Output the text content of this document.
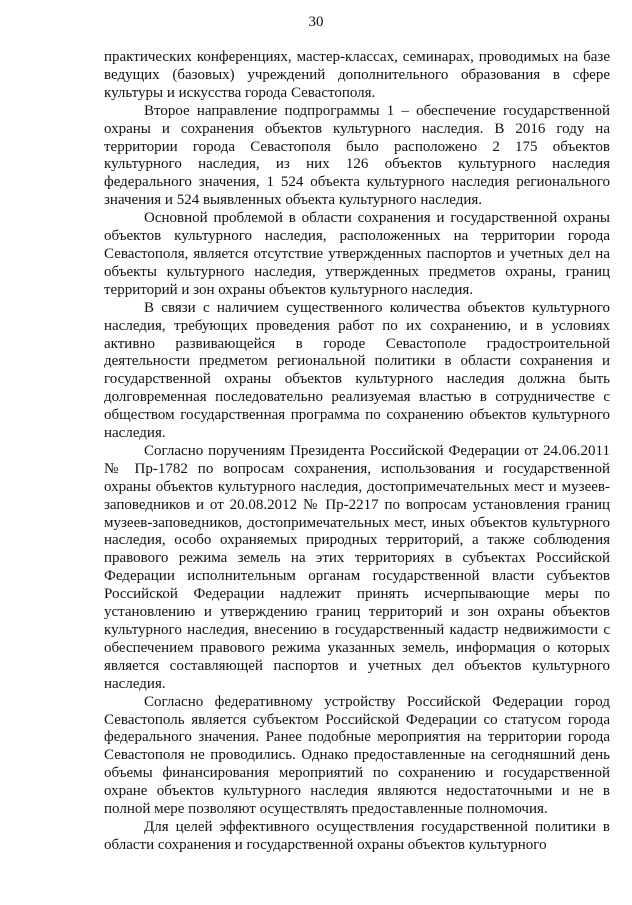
30

практических конференциях, мастер-классах, семинарах, проводимых на базе ведущих (базовых) учреждений дополнительного образования в сфере культуры и искусства города Севастополя.

Второе направление подпрограммы 1 – обеспечение государственной охраны и сохранения объектов культурного наследия. В 2016 году на территории города Севастополя было расположено 2 175 объектов культурного наследия, из них 126 объектов культурного наследия федерального значения, 1 524 объекта культурного наследия регионального значения и 524 выявленных объекта культурного наследия.

Основной проблемой в области сохранения и государственной охраны объектов культурного наследия, расположенных на территории города Севастополя, является отсутствие утвержденных паспортов и учетных дел на объекты культурного наследия, утвержденных предметов охраны, границ территорий и зон охраны объектов культурного наследия.

В связи с наличием существенного количества объектов культурного наследия, требующих проведения работ по их сохранению, и в условиях активно развивающейся в городе Севастополе градостроительной деятельности предметом региональной политики в области сохранения и государственной охраны объектов культурного наследия должна быть долговременная последовательно реализуемая властью в сотрудничестве с обществом государственная программа по сохранению объектов культурного наследия.

Согласно поручениям Президента Российской Федерации от 24.06.2011 № Пр-1782 по вопросам сохранения, использования и государственной охраны объектов культурного наследия, достопримечательных мест и музеев-заповедников и от 20.08.2012 № Пр-2217 по вопросам установления границ музеев-заповедников, достопримечательных мест, иных объектов культурного наследия, особо охраняемых природных территорий, а также соблюдения правового режима земель на этих территориях в субъектах Российской Федерации исполнительным органам государственной власти субъектов Российской Федерации надлежит принять исчерпывающие меры по установлению и утверждению границ территорий и зон охраны объектов культурного наследия, внесению в государственный кадастр недвижимости с обеспечением правового режима указанных земель, информация о которых является составляющей паспортов и учетных дел объектов культурного наследия.

Согласно федеративному устройству Российской Федерации город Севастополь является субъектом Российской Федерации со статусом города федерального значения. Ранее подобные мероприятия на территории города Севастополя не проводились. Однако предоставленные на сегодняшний день объемы финансирования мероприятий по сохранению и государственной охране объектов культурного наследия являются недостаточными и не в полной мере позволяют осуществлять предоставленные полномочия.

Для целей эффективного осуществления государственной политики в области сохранения и государственной охраны объектов культурного
